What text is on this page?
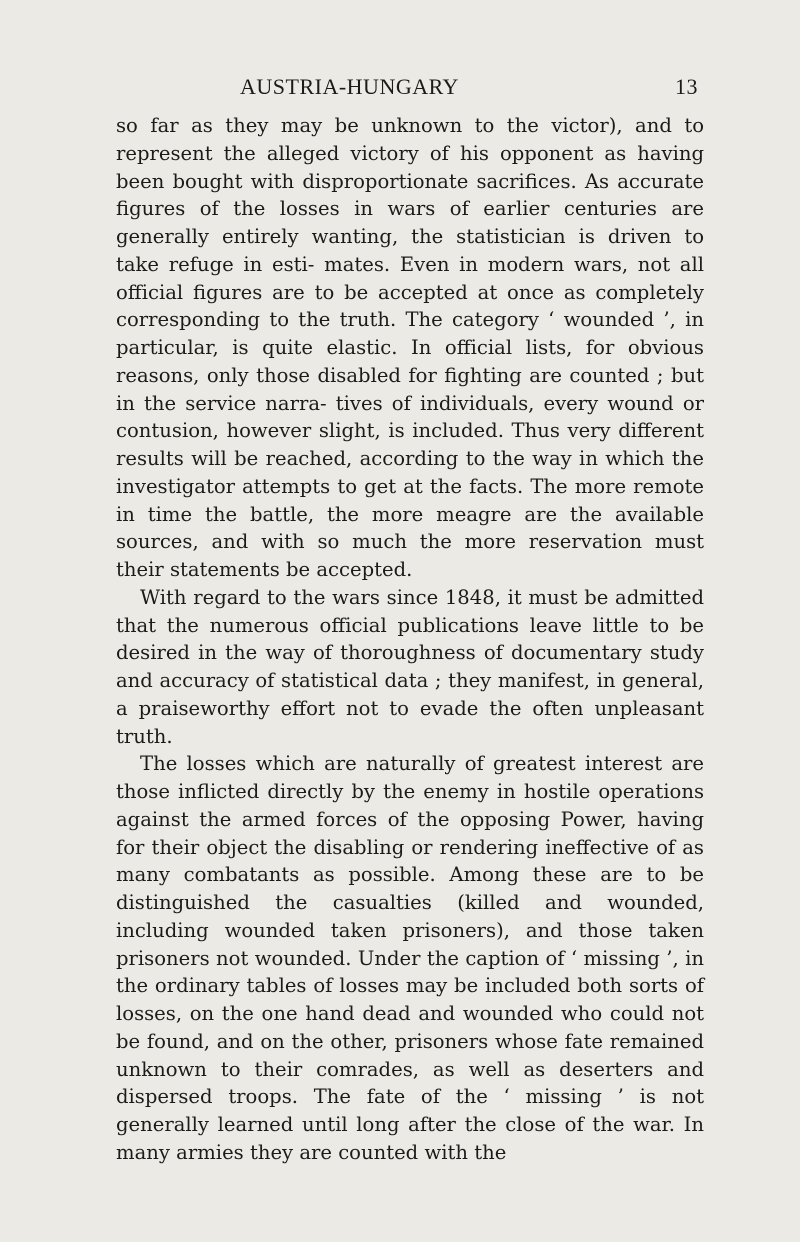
AUSTRIA-HUNGARY	13

so far as they may be unknown to the victor), and to represent the alleged victory of his opponent as having been bought with disproportionate sacrifices. As accurate figures of the losses in wars of earlier centuries are generally entirely wanting, the statistician is driven to take refuge in esti- mates. Even in modern wars, not all official figures are to be accepted at once as completely corresponding to the truth. The category ‘ wounded ’, in particular, is quite elastic. In official lists, for obvious reasons, only those disabled for fighting are counted ; but in the service narra- tives of individuals, every wound or contusion, however slight, is included. Thus very different results will be reached, according to the way in which the investigator attempts to get at the facts. The more remote in time the battle, the more meagre are the available sources, and with so much the more reservation must their statements be accepted.

With regard to the wars since 1848, it must be admitted that the numerous official publications leave little to be desired in the way of thoroughness of documentary study and accuracy of statistical data ; they manifest, in general, a praiseworthy effort not to evade the often unpleasant truth.

The losses which are naturally of greatest interest are those inflicted directly by the enemy in hostile operations against the armed forces of the opposing Power, having for their object the disabling or rendering ineffective of as many combatants as possible. Among these are to be distinguished the casualties (killed and wounded, including wounded taken prisoners), and those taken prisoners not wounded. Under the caption of ‘ missing ’, in the ordinary tables of losses may be included both sorts of losses, on the one hand dead and wounded who could not be found, and on the other, prisoners whose fate remained unknown to their comrades, as well as deserters and dispersed troops. The fate of the ‘ missing ’ is not generally learned until long after the close of the war. In many armies they are counted with the
